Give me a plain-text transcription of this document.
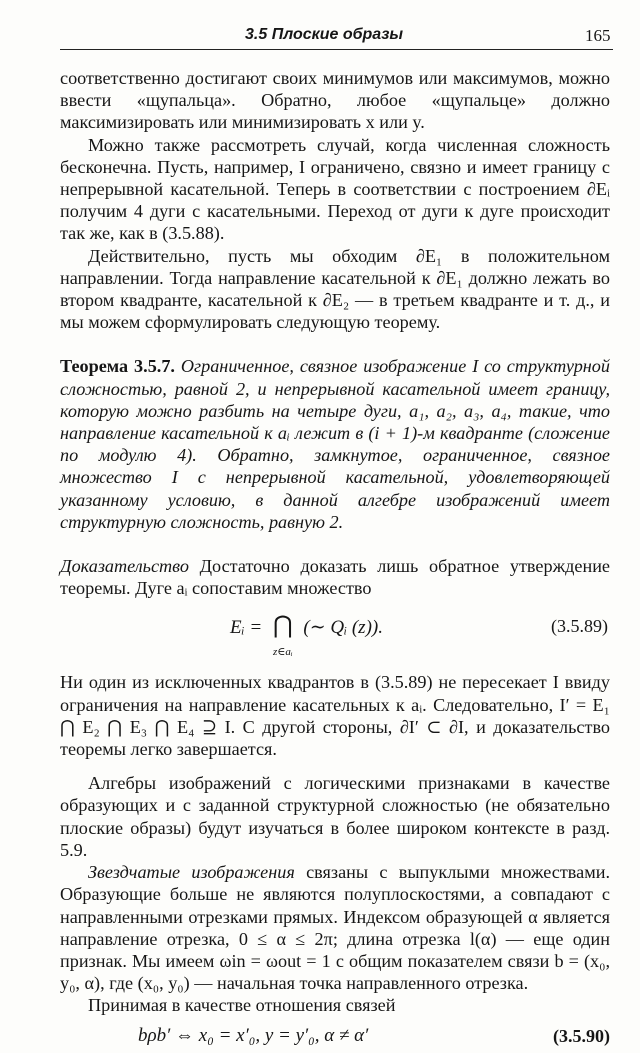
3.5 Плоские образы	165

соответственно достигают своих минимумов или максимумов, можно ввести «щупальца». Обратно, любое «щупальце» должно максимизировать или минимизировать x или y.

Можно также рассмотреть случай, когда численная сложность бесконечна. Пусть, например, I ограничено, связно и имеет границу с непрерывной касательной. Теперь в соответствии с построением ∂Eᵢ получим 4 дуги с касательными. Переход от дуги к дуге происходит так же, как в (3.5.88).

Действительно, пусть мы обходим ∂E₁ в положительном направлении. Тогда направление касательной к ∂E₁ должно лежать во втором квадранте, касательной к ∂E₂ — в третьем квадранте и т. д., и мы можем сформулировать следующую теорему.

Теорема 3.5.7. Ограниченное, связное изображение I со структурной сложностью, равной 2, и непрерывной касательной имеет границу, которую можно разбить на четыре дуги, a₁, a₂, a₃, a₄, такие, что направление касательной к aᵢ лежит в (i + 1)-м квадранте (сложение по модулю 4). Обратно, замкнутое, ограниченное, связное множество I с непрерывной касательной, удовлетворяющей указанному условию, в данной алгебре изображений имеет структурную сложность, равную 2.

Доказательство Достаточно доказать лишь обратное утверждение теоремы. Дуге aᵢ сопоставим множество

Eᵢ = ⋂
z∈aᵢ
(∼ Qᵢ (z)).	(3.5.89)

Ни один из исключенных квадрантов в (3.5.89) не пересекает I ввиду ограничения на направление касательных к aᵢ. Следовательно, I′ = E₁ ⋂ E₂ ⋂ E₃ ⋂ E₄ ⊇ I. С другой стороны, ∂I′ ⊂ ∂I, и доказательство теоремы легко завершается.

Алгебры изображений с логическими признаками в качестве образующих и с заданной структурной сложностью (не обязательно плоские образы) будут изучаться в более широком контексте в разд. 5.9.

Звездчатые изображения связаны с выпуклыми множествами. Образующие больше не являются полуплоскостями, а совпадают с направленными отрезками прямых. Индексом образующей α является направление отрезка, 0 ≤ α ≤ 2π; длина отрезка l(α) — еще один признак. Мы имеем ωin = ωout = 1 с общим показателем связи b = (x₀, y₀, α), где (x₀, y₀) — начальная точка направленного отрезка.

Принимая в качестве отношения связей

bρb′ ⇔ x₀ = x′₀, y = y′₀, α ≠ α′	(3.5.90)
